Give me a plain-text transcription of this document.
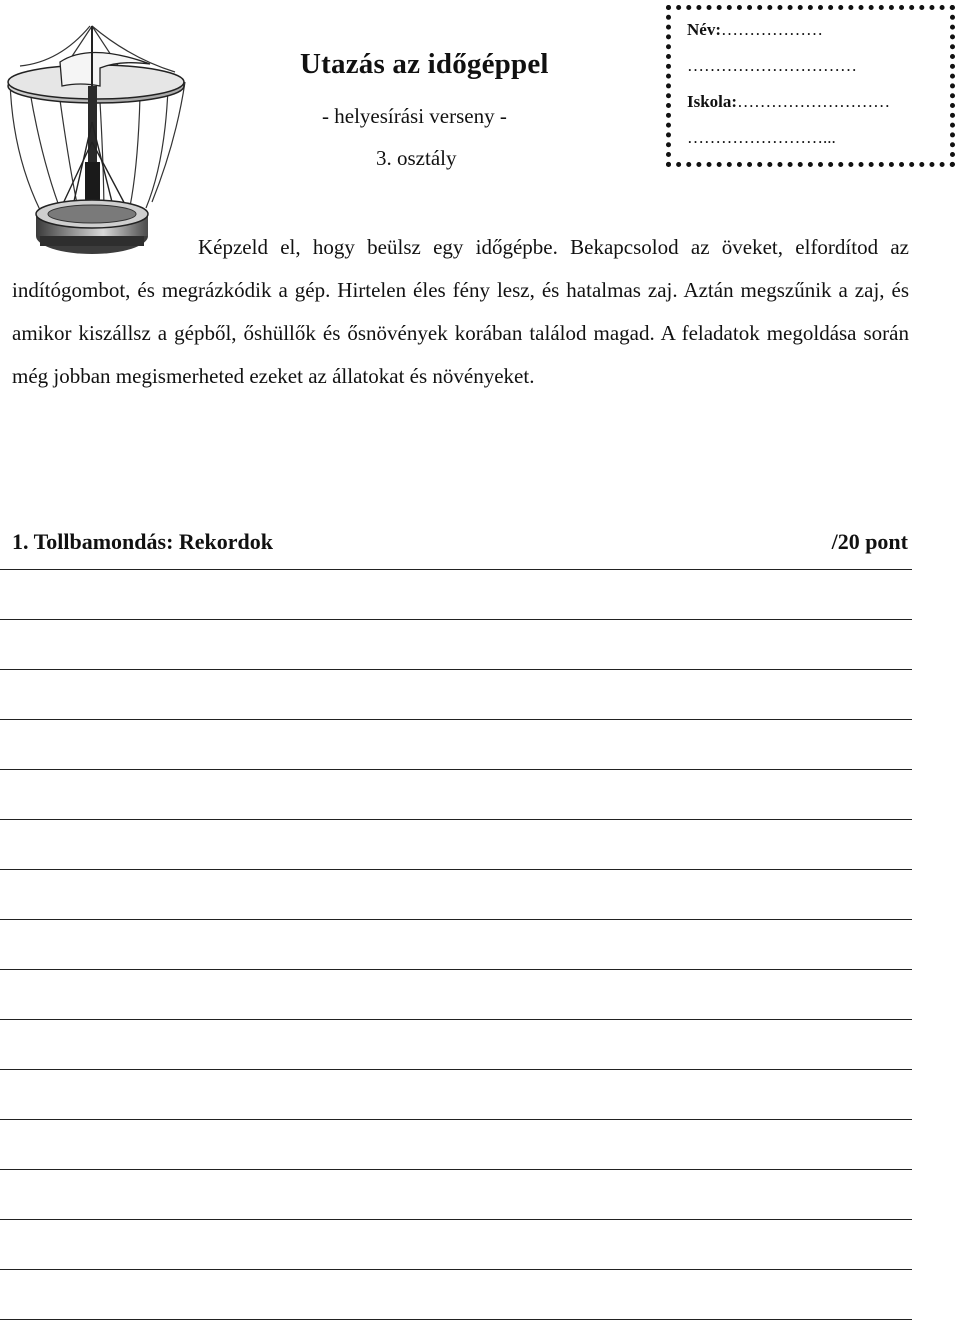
Utazás az időgéppel
- helyesírási verseny -
3. osztály
Név:………………
…………………………
Iskola:………………………
……………………...

Képzeld el, hogy beülsz egy időgépbe. Bekapcsolod az öveket, elfordítod az indítógombot, és megrázkódik a gép. Hirtelen éles fény lesz, és hatalmas zaj. Aztán megszűnik a zaj, és amikor kiszállsz a gépből, őshüllők és ősnövények korában találod magad. A feladatok megoldása során még jobban megismerheted ezeket az állatokat és növényeket.

1. Tollbamondás: Rekordok	/20 pont
